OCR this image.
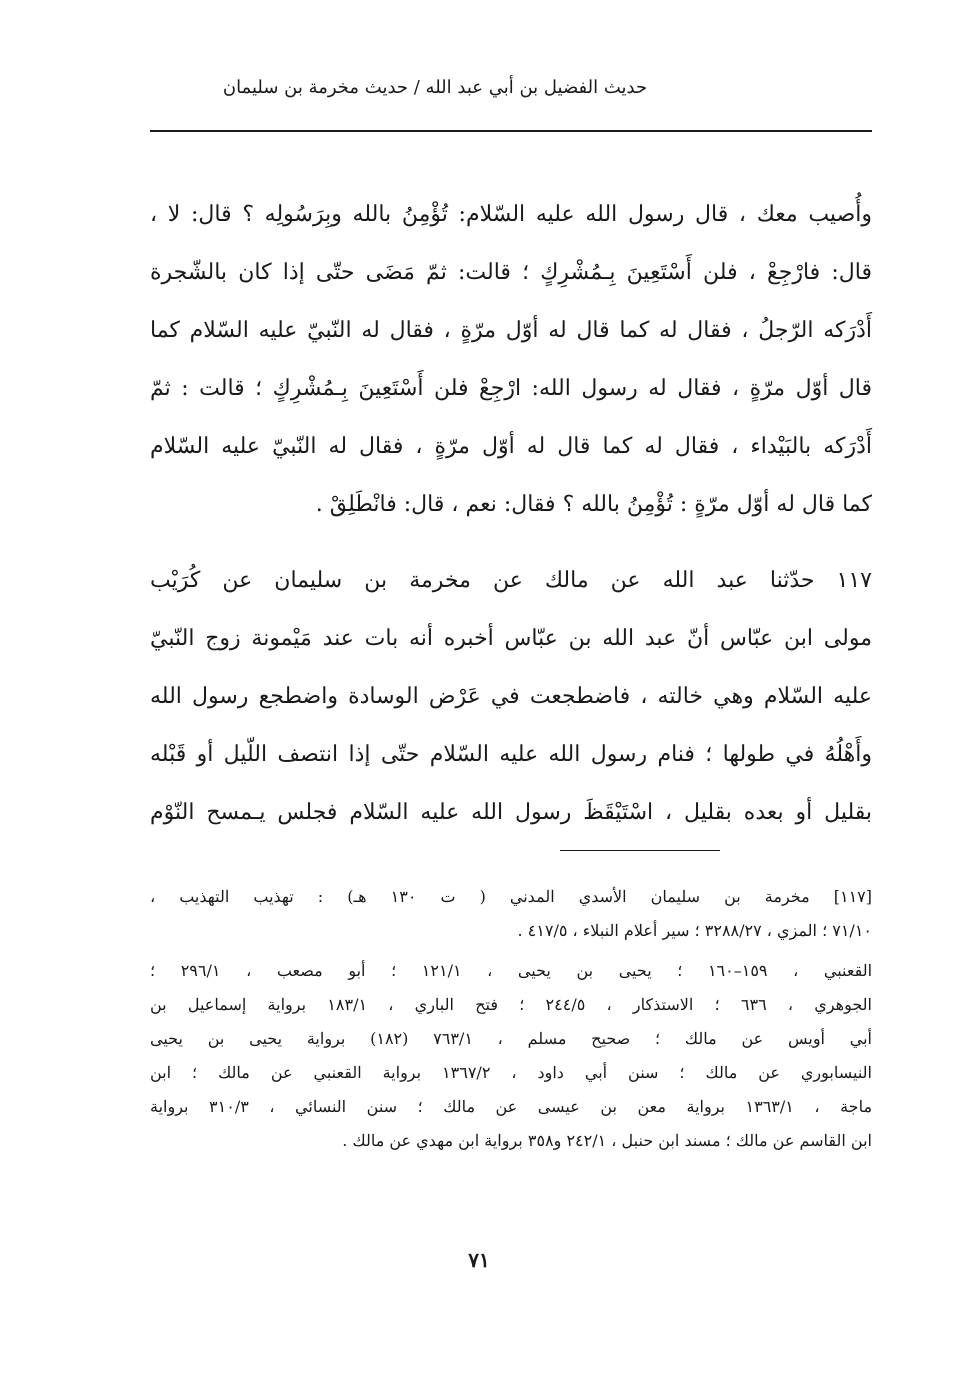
حديث الفضيل بن أبي عبد الله / حديث مخرمة بن سليمان
وأُصيب معك ، قال رسول الله عليه السّلام: تُؤْمِنُ بالله وبِرَسُولِه ؟ قال: لا ،
قال: فارْجِعْ ، فلن أَسْتَعِينَ بِـمُشْرِكٍ ؛ قالت: ثمّ مَضَى حتّى إذا كان بالشّجرة
أَدْرَكه الرّجلُ ، فقال له كما قال له أوّل مرّةٍ ، فقال له النّبيّ عليه السّلام كما
قال أوّل مرّةٍ ، فقال له رسول الله: ارْجِعْ فلن أَسْتَعِينَ بِـمُشْرِكٍ ؛ قالت : ثمّ
أَدْرَكه بالبَيْداء ، فقال له كما قال له أوّل مرّةٍ ، فقال له النّبيّ عليه السّلام
كما قال له أوّل مرّةٍ : تُؤْمِنُ بالله ؟ فقال: نعم ، قال: فانْطَلِقْ .
١١٧ حدّثنا عبد الله عن مالك عن مخرمة بن سليمان عن كُرَيْب
مولى ابن عبّاس أنّ عبد الله بن عبّاس أخبره أنه بات عند مَيْمونة زوج النّبيّ
عليه السّلام وهي خالته ، فاضطجعت في عَرْض الوسادة واضطجع رسول الله
وأَهْلُهُ في طولها ؛ فنام رسول الله عليه السّلام حتّى إذا انتصف اللّيل أو قَبْله
بقليل أو بعده بقليل ، اسْتَيْقَظَ رسول الله عليه السّلام فجلس يـمسح النّوْم
[١١٧] مخرمة بن سليمان الأسدي المدني ( ت ١٣٠ هـ) : تهذيب التهذيب ،
٧١/١٠ ؛ المزي ، ٣٢٨٨/٢٧ ؛ سير أعلام النبلاء ، ٤١٧/٥ .
القعنبي ، ١٥٩–١٦٠ ؛ يحيى بن يحيى ، ١٢١/١ ؛ أبو مصعب ، ٢٩٦/١ ؛
الجوهري ، ٦٣٦ ؛ الاستذكار ، ٢٤٤/٥ ؛ فتح الباري ، ١٨٣/١ برواية إسماعيل بن
أبي أويس عن مالك ؛ صحيح مسلم ، ٧٦٣/١ (١٨٢) برواية يحيى بن يحيى
النيسابوري عن مالك ؛ سنن أبي داود ، ١٣٦٧/٢ برواية القعنبي عن مالك ؛ ابن
ماجة ، ١٣٦٣/١ برواية معن بن عيسى عن مالك ؛ سنن النسائي ، ٣١٠/٣ برواية
ابن القاسم عن مالك ؛ مسند ابن حنبل ، ٢٤٢/١ و٣٥٨ برواية ابن مهدي عن مالك .
٧١
